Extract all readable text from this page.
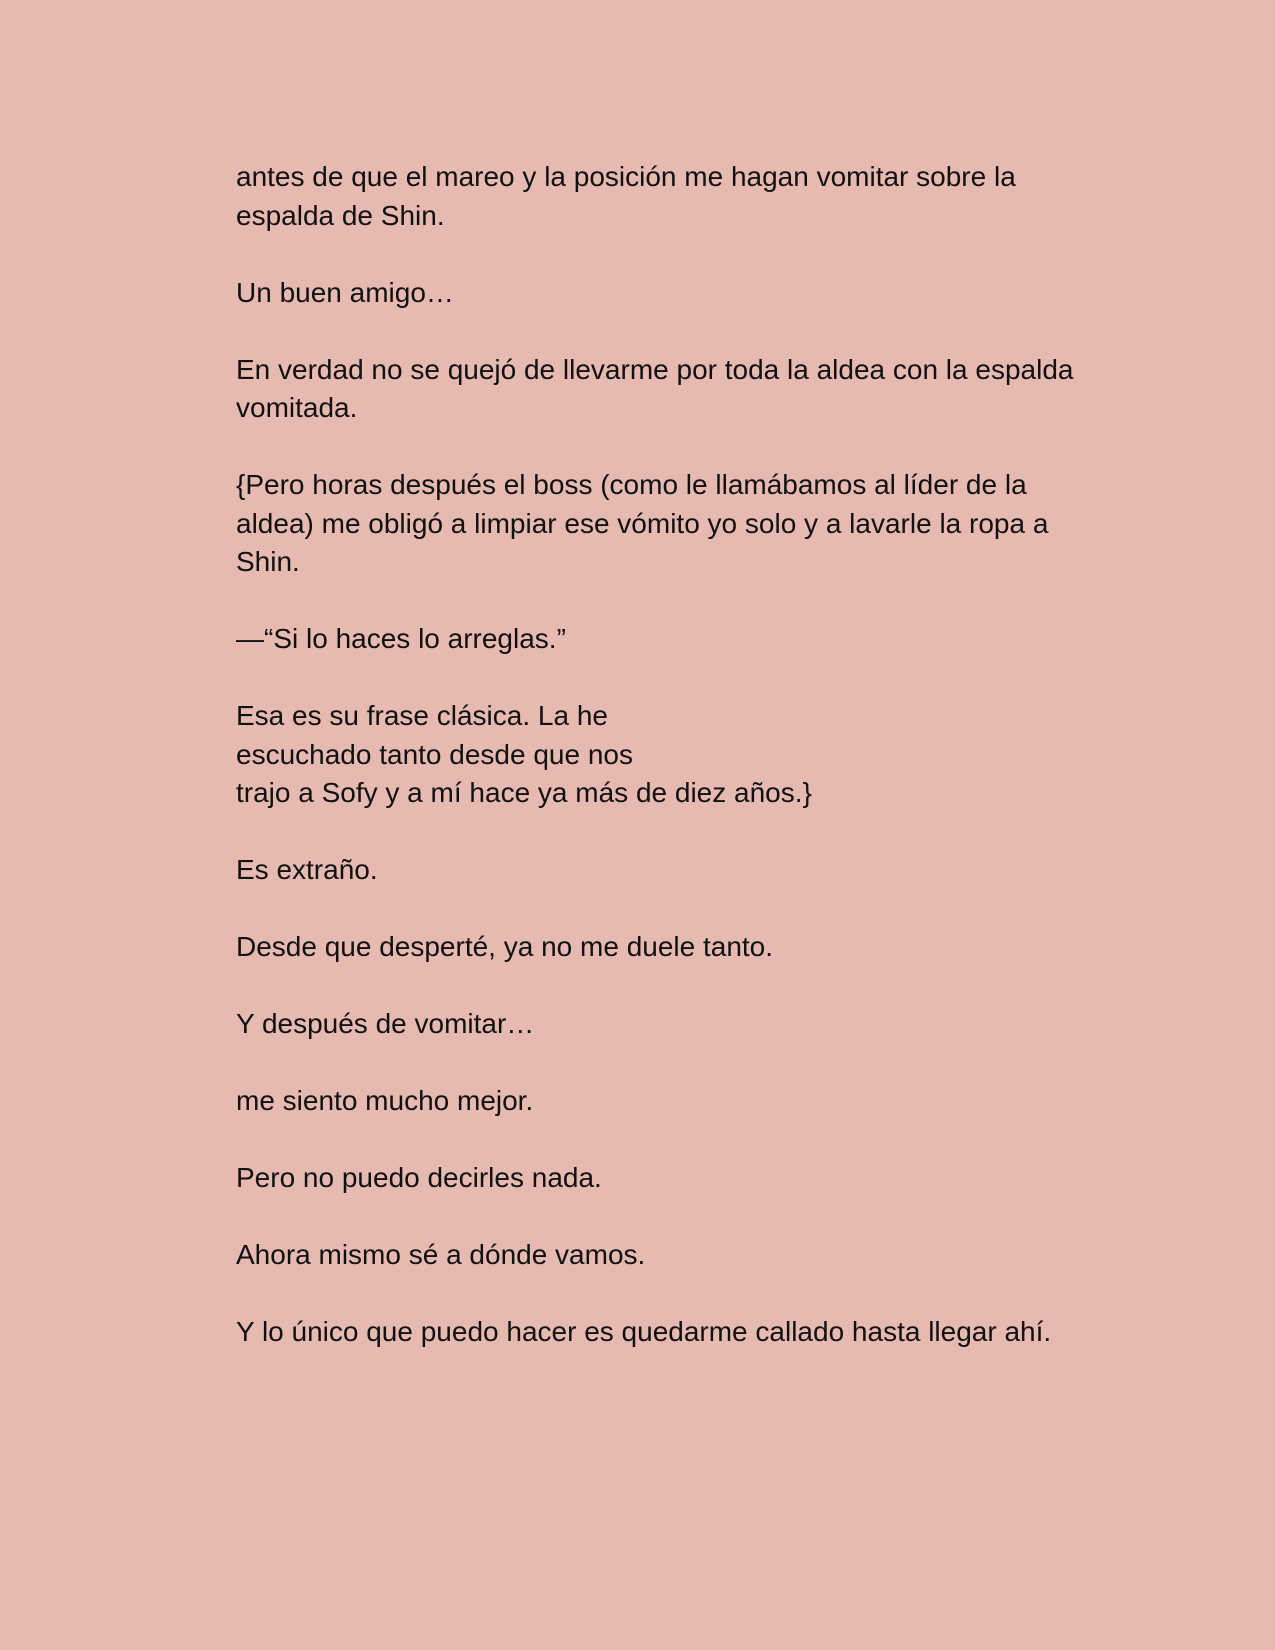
antes de que el mareo y la posición me hagan vomitar sobre la
espalda de Shin.

Un buen amigo…

En verdad no se quejó de llevarme por toda la aldea con la espalda
vomitada.

{Pero horas después el boss (como le llamábamos al líder de la
aldea) me obligó a limpiar ese vómito yo solo y a lavarle la ropa a
Shin.

—“Si lo haces lo arreglas.”

Esa es su frase clásica. La he
escuchado tanto desde que nos
trajo a Sofy y a mí hace ya más de diez años.}

Es extraño.

Desde que desperté, ya no me duele tanto.

Y después de vomitar…

me siento mucho mejor.

Pero no puedo decirles nada.

Ahora mismo sé a dónde vamos.

Y lo único que puedo hacer es quedarme callado hasta llegar ahí.
